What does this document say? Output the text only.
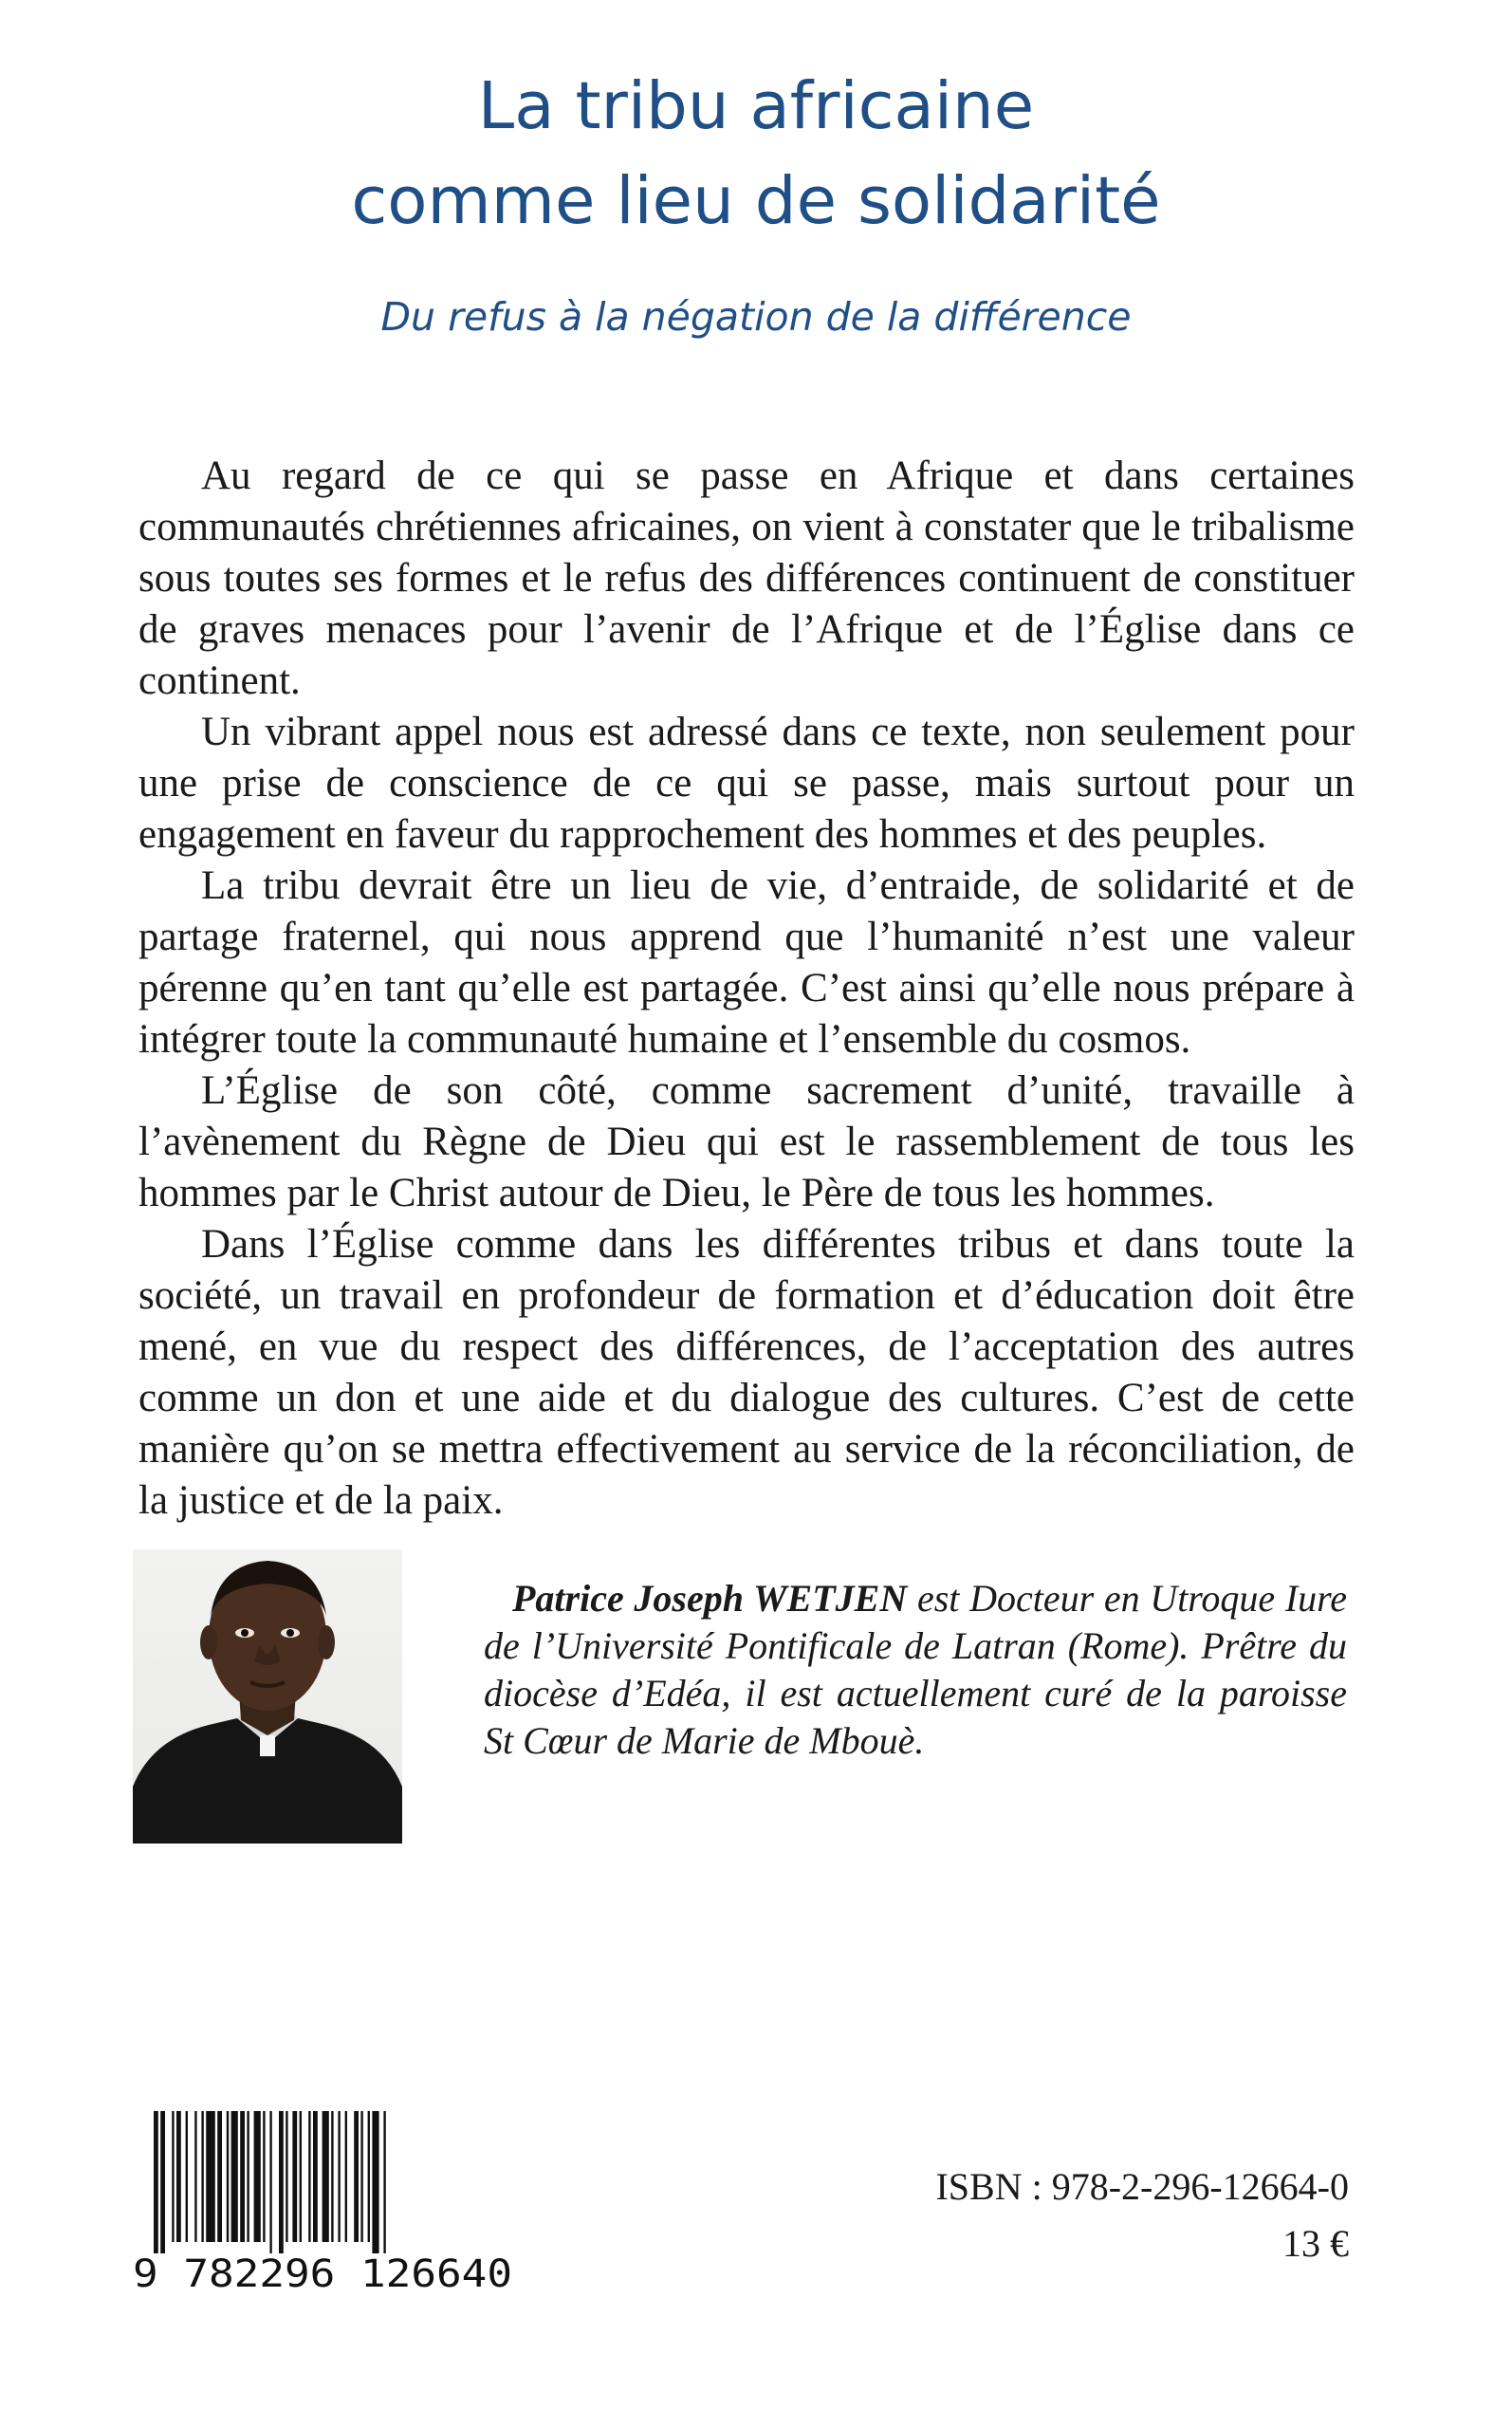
La tribu africaine
comme lieu de solidarité
Du refus à la négation de la différence

Au regard de ce qui se passe en Afrique et dans certaines communautés chrétiennes africaines, on vient à constater que le tribalisme sous toutes ses formes et le refus des différences continuent de constituer de graves menaces pour l’avenir de l’Afrique et de l’Église dans ce continent.

Un vibrant appel nous est adressé dans ce texte, non seulement pour une prise de conscience de ce qui se passe, mais surtout pour un engagement en faveur du rapprochement des hommes et des peuples.

La tribu devrait être un lieu de vie, d’entraide, de solidarité et de partage fraternel, qui nous apprend que l’humanité n’est une valeur pérenne qu’en tant qu’elle est partagée. C’est ainsi qu’elle nous prépare à intégrer toute la communauté humaine et l’ensemble du cosmos.

L’Église de son côté, comme sacrement d’unité, travaille à l’avènement du Règne de Dieu qui est le rassemblement de tous les hommes par le Christ autour de Dieu, le Père de tous les hommes.

Dans l’Église comme dans les différentes tribus et dans toute la société, un travail en profondeur de formation et d’éducation doit être mené, en vue du respect des différences, de l’acceptation des autres comme un don et une aide et du dialogue des cultures. C’est de cette manière qu’on se mettra effectivement au service de la réconciliation, de la justice et de la paix.

Patrice Joseph WETJEN est Docteur en Utroque Iure de l’Université Pontificale de Latran (Rome). Prêtre du diocèse d’Edéa, il est actuellement curé de la paroisse St Cœur de Marie de Mbouè.
9 782296 126640
ISBN : 978-2-296-12664-0
13 €
